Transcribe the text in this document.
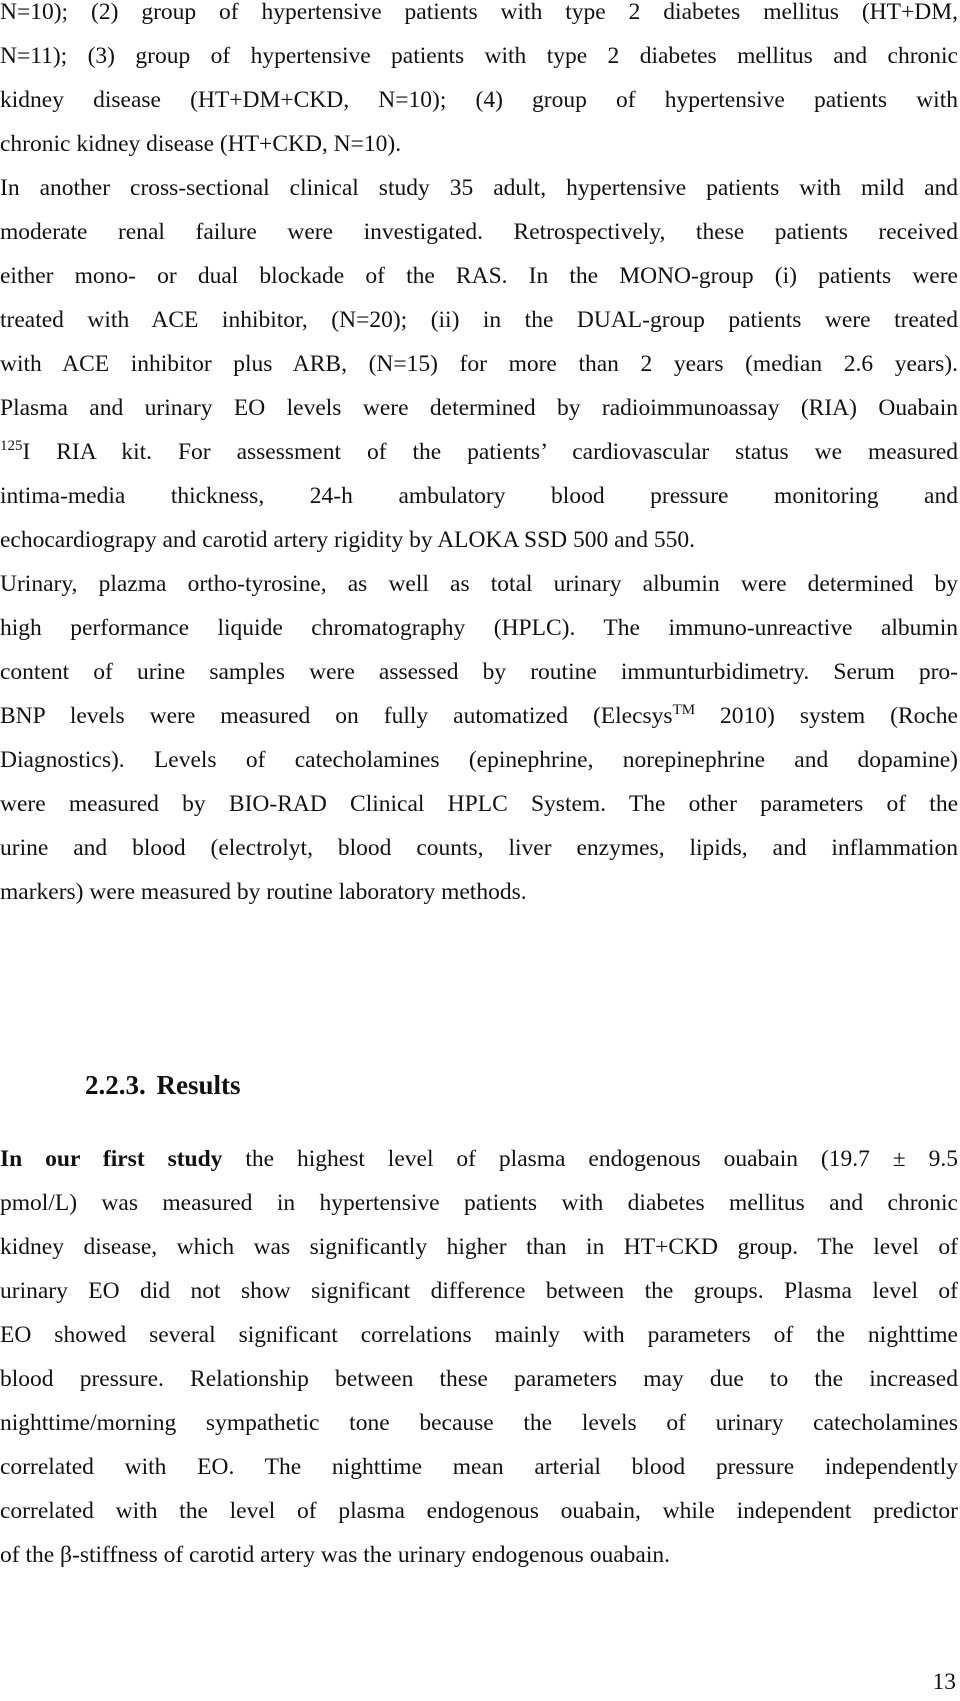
N=10); (2) group of hypertensive patients with type 2 diabetes mellitus (HT+DM,

N=11); (3) group of hypertensive patients with type 2 diabetes mellitus and chronic

kidney disease (HT+DM+CKD, N=10); (4) group of hypertensive patients with

chronic kidney disease (HT+CKD, N=10).

In another cross-sectional clinical study 35 adult, hypertensive patients with mild and

moderate renal failure were investigated. Retrospectively, these patients received

either mono- or dual blockade of the RAS. In the MONO-group (i) patients were

treated with ACE inhibitor, (N=20); (ii) in the DUAL-group patients were treated

with ACE inhibitor plus ARB, (N=15) for more than 2 years (median 2.6 years).

Plasma and urinary EO levels were determined by radioimmunoassay (RIA) Ouabain

$^{125}$I RIA kit. For assessment of the patients’ cardiovascular status we measured

intima-media thickness, 24-h ambulatory blood pressure monitoring and

echocardiograpy and carotid artery rigidity by ALOKA SSD 500 and 550.

Urinary, plazma ortho-tyrosine, as well as total urinary albumin were determined by

high performance liquide chromatography (HPLC). The immuno-unreactive albumin

content of urine samples were assessed by routine immunturbidimetry. Serum pro-

BNP levels were measured on fully automatized (Elecsys™ 2010) system (Roche

Diagnostics). Levels of catecholamines (epinephrine, norepinephrine and dopamine)

were measured by BIO-RAD Clinical HPLC System. The other parameters of the

urine and blood (electrolyt, blood counts, liver enzymes, lipids, and inflammation

markers) were measured by routine laboratory methods.

2.2.3. Results

In our first study the highest level of plasma endogenous ouabain (19.7 ± 9.5

pmol/L) was measured in hypertensive patients with diabetes mellitus and chronic

kidney disease, which was significantly higher than in HT+CKD group. The level of

urinary EO did not show significant difference between the groups. Plasma level of

EO showed several significant correlations mainly with parameters of the nighttime

blood pressure. Relationship between these parameters may due to the increased

nighttime/morning sympathetic tone because the levels of urinary catecholamines

correlated with EO. The nighttime mean arterial blood pressure independently

correlated with the level of plasma endogenous ouabain, while independent predictor

of the β-stiffness of carotid artery was the urinary endogenous ouabain.

13
